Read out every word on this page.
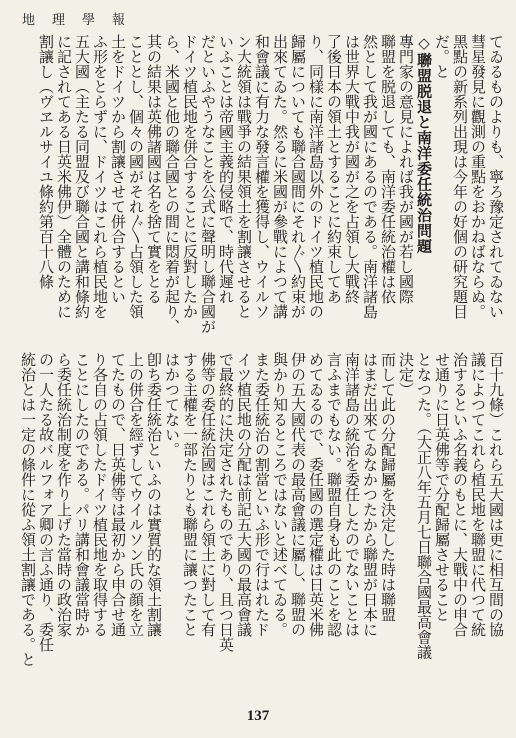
地　理　學　報
てゐるものよりも、寧ろ豫定されてゐない
彗星發見に觀測の重點をおかねばならぬ。
黑點の新系列出現は今年の好個の研究題目
だ。と
◇聯盟脱退と南洋委任統治問題
專門家の意見によれば我が國が若し國際
聯盟を脱退しても、南洋委任統治權は依
然として我が國にあるのである。南洋諸島
は世界大戰中我が國が之を占領し大戰終
了後日本の領土とすることに約束してあ
り、同樣に南洋諸島以外のドイツ植民地の
歸屬についても聯合國間にそれ〴〵約束が
出來てゐた。然るに米國が參戰によつて講
和會議に有力な發言權を獲得し、ウイルソ
ン大統領は戰爭の結果領土を割讓させると
いふことは帝國主義的侵略で、時代遲れ
だといふやうなことを公式に聲明し聯合國が
ドイツ植民地を併合することに反對したか
ら、米國と他の聯合國との間に悶着が起り、
其の結果は英佛諸國は名を捨て實をとる
こととし、個々の國がそれ〴〵占領した領
土をドイツから割讓させて併合するとい
ふ形をとらずに、ドイツはこれら植民地を
五大國（主たる同盟及び聯合國と講和條約
に記されてある日英米佛伊）全體のために
割讓し（ヴヱルサイユ條約第百十八條
百十九條）これら五大國は更に相互間の協
議によつてこれら植民地を聯盟に代つて統
治するといふ名義のもとに、大戰中の申合
せ通りに日英佛等で分配歸屬させること
となつた。（大正八年五月七日聯合國最高會議
決定）
而して此の分配歸屬を決定した時は聯盟
はまだ出來てゐなかつたから聯盟が日本に
南洋諸島の統治を委任したのでないことは
言ふまでもない。聯盟自身も此のことを認
めてゐるので、委任國の選定權は日英米佛
伊の五大國代表の最高會議に屬し、聯盟の
與かり知るところではないと述べてゐる。
また委任統治の割當といふ形で行はれたド
イツ植民地の分配は前記五大國の最高會議
で最終的に決定されたものであり、且つ日英
佛等の委任統治國はこれら領土に對して有
する主權を一部たりとも聯盟に讓つたこと
はかつてない。
卽ち委任統治といふのは實質的な領土割讓
上の併合を經ずしてウイルソン氏の顔を立
てたもので、日英佛等は最初から申合せ通
り各自の占領したドイツ植民地を取得する
ことにしたのである。パリ講和會議當時か
ら委任統治制度を作り上げた當時の政治家
の一人たる故バルフォア卿の言ふ通り、委任
統治とは一定の條件に從ふ領土割讓である。と
137
